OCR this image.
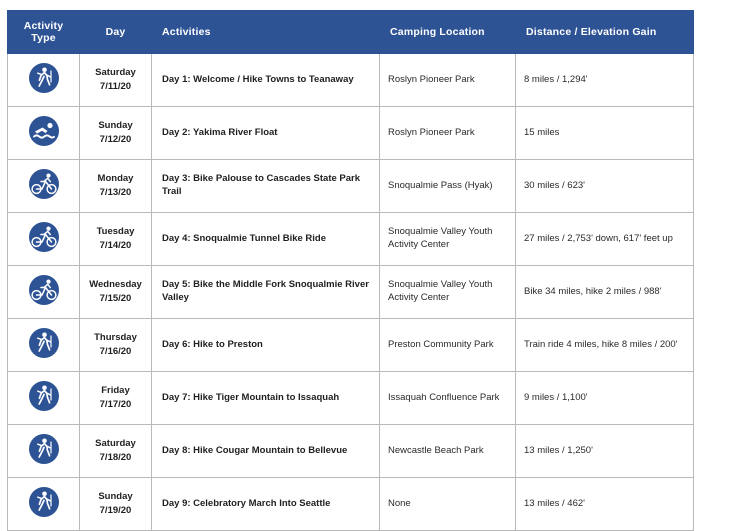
Activity Type	Day	Activities	Camping Location	Distance / Elevation Gain

	Saturday
7/11/20	Day 1: Welcome / Hike Towns to Teanaway	Roslyn Pioneer Park	8 miles / 1,294'

	Sunday
7/12/20	Day 2: Yakima River Float	Roslyn Pioneer Park	15 miles

	Monday
7/13/20	Day 3: Bike Palouse to Cascades State Park Trail	Snoqualmie Pass (Hyak)	30 miles / 623'

	Tuesday
7/14/20	Day 4: Snoqualmie Tunnel Bike Ride	Snoqualmie Valley Youth Activity Center	27 miles / 2,753' down, 617' feet up

	Wednesday
7/15/20	Day 5: Bike the Middle Fork Snoqualmie River Valley	Snoqualmie Valley Youth Activity Center	Bike 34 miles, hike 2 miles / 988'

	Thursday
7/16/20	Day 6: Hike to Preston	Preston Community Park	Train ride 4 miles, hike 8 miles / 200'

	Friday
7/17/20	Day 7: Hike Tiger Mountain to Issaquah	Issaquah Confluence Park	9 miles / 1,100'

	Saturday
7/18/20	Day 8: Hike Cougar Mountain to Bellevue	Newcastle Beach Park	13 miles / 1,250'

	Sunday
7/19/20	Day 9: Celebratory March Into Seattle	None	13 miles / 462'
